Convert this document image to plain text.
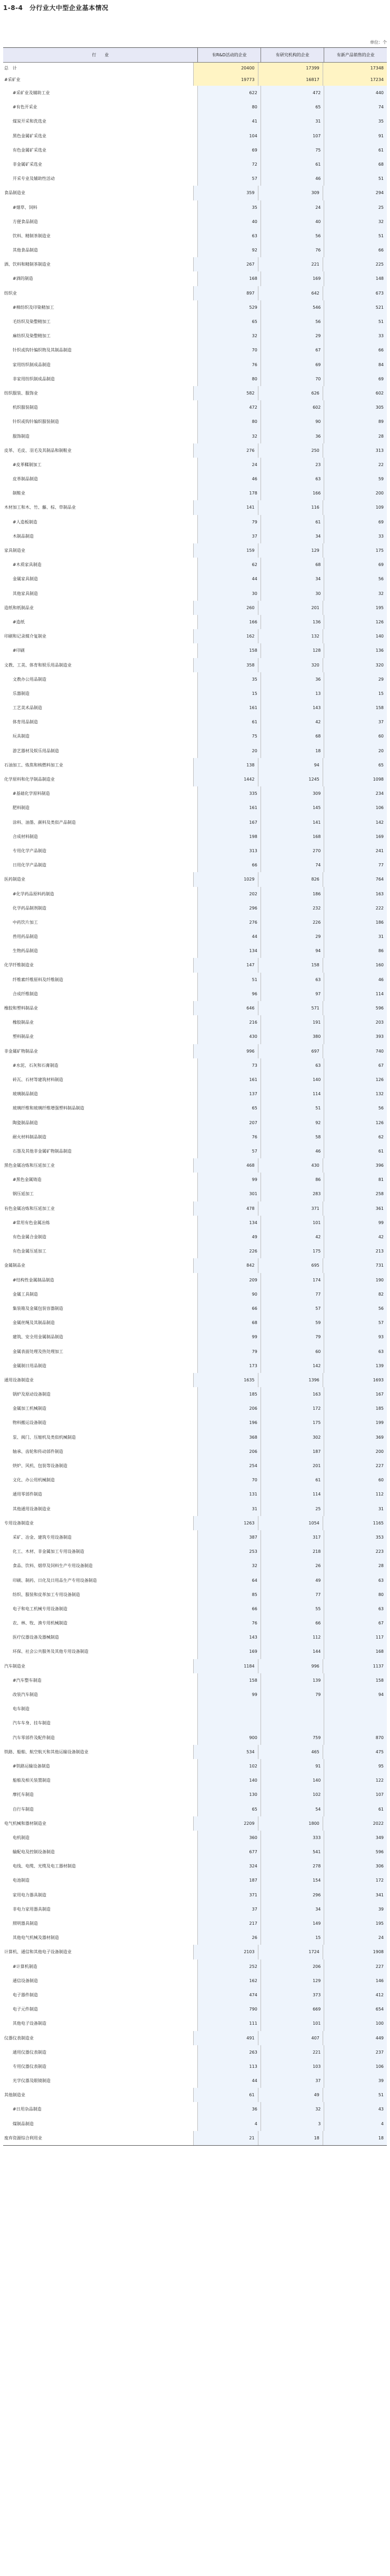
1-8-4　分行业大中型企业基本情况
单位：个
行　　业	有R&D活动的企业	有研究机构的企业	有新产品销售的企业
总　计	20400	17399	17348
#采矿业	19773	16817	17234
#采矿业及辅助工业	622	472	440
#有色开采业	80	65	74
煤炭开采和洗选业	41	31	35
黑色金属矿采选业	104	107	91
有色金属矿采选业	69	75	61
非金属矿采选业	72	61	68
开采专业及辅助性活动	57	46	51
食品制造业	359	309	294
#烟草、饲料	35	24	25
方便食品制造	40	40	32
饮料、精制茶制造业	63	56	51
其他食品制造	92	76	66
酒、饮料和精制茶制造业	267	221	225
#酒的制造	168	169	148
纺织业	897	642	673
#棉纺织及印染精加工	529	546	521
毛纺织及染整精加工	65	56	51
麻纺织及染整精加工	32	29	33
针织或钩针编织物及其制品制造	70	67	66
家用纺织制成品制造	76	69	84
非家用纺织制成品制造	80	70	69
纺织服装、服饰业	582	626	602
机织服装制造	472	602	305
针织或钩针编织服装制造	80	90	89
服饰制造	32	36	28
皮革、毛皮、羽毛及其制品和制鞋业	276	250	313
#皮革鞣制加工	24	23	22
皮革制品制造	46	63	59
制鞋业	178	166	200
木材加工和木、竹、藤、棕、草制品业	141	116	109
#人造板制造	79	61	69
木制品制造	37	34	33
家具制造业	159	129	175
#木质家具制造	62	68	69
金属家具制造	44	34	56
其他家具制造	30	30	32
造纸和纸制品业	260	201	195
#造纸	166	136	126
印刷和记录媒介复制业	162	132	140
#印刷	158	128	136
文教、工美、体育和娱乐用品制造业	358	320	320
文教办公用品制造	35	36	29
乐器制造	15	13	15
工艺美术品制造	161	143	158
体育用品制造	61	42	37
玩具制造	75	68	60
游艺器材及娱乐用品制造	20	18	20
石油加工、炼焦和核燃料加工业	138	94	65
化学原料和化学制品制造业	1442	1245	1098
#基础化学原料制造	335	309	234
肥料制造	161	145	106
涂料、油墨、颜料及类似产品制造	167	141	142
合成材料制造	198	168	169
专用化学产品制造	313	270	241
日用化学产品制造	66	74	77
医药制造业	1029	826	764
#化学药品原料药制造	202	186	163
化学药品制剂制造	296	232	222
中药饮片加工	276	226	186
兽用药品制造	44	29	31
生物药品制造	134	94	86
化学纤维制造业	147	158	160
纤维素纤维原料及纤维制造	51	63	46
合成纤维制造	96	97	114
橡胶和塑料制品业	646	571	596
橡胶制品业	216	191	203
塑料制品业	430	380	393
非金属矿物制品业	996	697	740
#水泥、石灰和石膏制造	73	63	67
砖瓦、石材等建筑材料制造	161	140	126
玻璃制品制造	137	114	132
玻璃纤维和玻璃纤维增强塑料制品制造	65	51	56
陶瓷制品制造	207	92	126
耐火材料制品制造	76	58	62
石墨及其他非金属矿物制品制造	57	46	61
黑色金属冶炼和压延加工业	468	430	396
#黑色金属铸造	99	86	81
钢压延加工	301	283	258
有色金属冶炼和压延加工业	478	371	361
#常用有色金属冶炼	134	101	99
有色金属合金制造	49	42	42
有色金属压延加工	226	175	213
金属制品业	842	695	731
#结构性金属制品制造	209	174	190
金属工具制造	90	77	82
集装箱及金属包装容器制造	66	57	56
金属丝绳及其制品制造	68	59	57
建筑、安全用金属制品制造	99	79	93
金属表面处理及热处理加工	79	60	63
金属制日用品制造	173	142	139
通用设备制造业	1635	1396	1693
锅炉及原动设备制造	185	163	167
金属加工机械制造	206	172	185
物料搬运设备制造	196	175	199
泵、阀门、压缩机及类似机械制造	368	302	369
轴承、齿轮和传动部件制造	206	187	200
烘炉、风机、包装等设备制造	254	201	227
文化、办公用机械制造	70	61	60
通用零部件制造	131	114	112
其他通用设备制造业	31	25	31
专用设备制造业	1263	1054	1165
采矿、冶金、建筑专用设备制造	387	317	353
化工、木材、非金属加工专用设备制造	253	218	223
食品、饮料、烟草及饲料生产专用设备制造	32	26	28
印刷、制药、日化及日用品生产专用设备制造	64	49	63
纺织、服装和皮革加工专用设备制造	85	77	80
电子和电工机械专用设备制造	66	55	63
农、林、牧、渔专用机械制造	76	66	67
医疗仪器设备及器械制造	143	112	117
环保、社会公共服务及其他专用设备制造	169	144	168
汽车制造业	1184	996	1137
#汽车整车制造	158	139	158
改装汽车制造	99	79	94
电车制造
汽车车身、挂车制造
汽车零部件及配件制造	900	759	870
铁路、船舶、航空航天和其他运输设备制造业	534	465	475
#铁路运输设备制造	102	91	95
船舶及相关装置制造	140	140	122
摩托车制造	130	102	107
自行车制造	65	54	61
电气机械和器材制造业	2209	1800	2022
电机制造	360	333	349
输配电及控制设备制造	677	541	596
电线、电缆、光缆及电工器材制造	324	278	306
电池制造	187	154	172
家用电力器具制造	371	296	341
非电力家用器具制造	37	34	39
照明器具制造	217	149	195
其他电气机械及器材制造	26	15	24
计算机、通信和其他电子设备制造业	2103	1724	1908
#计算机制造	252	206	227
通信设备制造	162	129	146
电子器件制造	474	373	412
电子元件制造	790	669	654
其他电子设备制造	111	101	100
仪器仪表制造业	491	407	449
通用仪器仪表制造	263	221	237
专用仪器仪表制造	113	103	106
光学仪器及眼镜制造	44	37	39
其他制造业	61	49	51
#日用杂品制造	36	32	43
煤制品制造	4	3	4
废弃资源综合利用业	21	18	18
